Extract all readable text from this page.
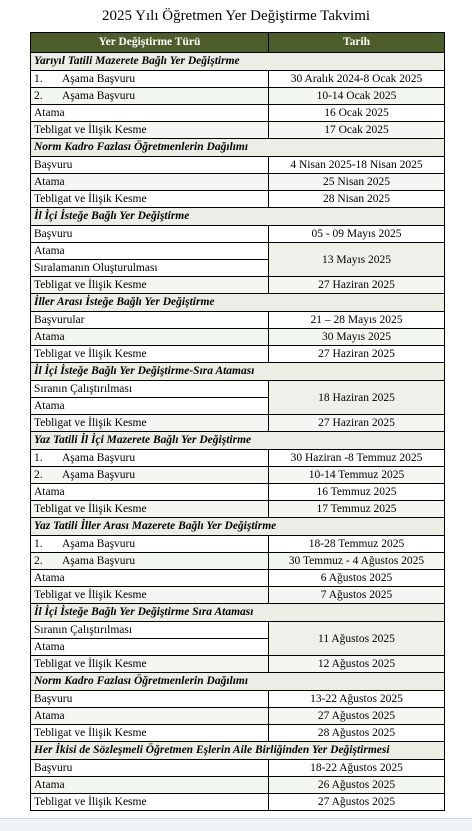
2025 Yılı Öğretmen Yer Değiştirme Takvimi
Yer Değiştirme Türü	Tarih
Yarıyıl Tatili Mazerete Bağlı Yer Değiştirme	
1. Aşama Başvuru	30 Aralık 2024-8 Ocak 2025
2. Aşama Başvuru	10-14 Ocak 2025
Atama	16 Ocak 2025
Tebligat ve İlişik Kesme	17 Ocak 2025
Norm Kadro Fazlası Öğretmenlerin Dağılımı	
Başvuru	4 Nisan 2025-18 Nisan 2025
Atama	25 Nisan 2025
Tebligat ve İlişik Kesme	28 Nisan 2025
İl İçi İsteğe Bağlı Yer Değiştirme	
Başvuru	05 - 09 Mayıs 2025
Atama	13 Mayıs 2025
Sıralamanın Oluşturulması	
Tebligat ve İlişik Kesme	27 Haziran 2025
İller Arası İsteğe Bağlı Yer Değiştirme	
Başvurular	21 – 28 Mayıs 2025
Atama	30 Mayıs 2025
Tebligat ve İlişik Kesme	27 Haziran 2025
İl İçi İsteğe Bağlı Yer Değiştirme-Sıra Ataması	
Sıranın Çalıştırılması	18 Haziran 2025
Atama	
Tebligat ve İlişik Kesme	27 Haziran 2025
Yaz Tatili İl İçi Mazerete Bağlı Yer Değiştirme	
1. Aşama Başvuru	30 Haziran -8 Temmuz 2025
2. Aşama Başvuru	10-14 Temmuz 2025
Atama	16 Temmuz 2025
Tebligat ve İlişik Kesme	17 Temmuz 2025
Yaz Tatili İller Arası Mazerete Bağlı Yer Değiştirme	
1. Aşama Başvuru	18-28 Temmuz 2025
2. Aşama Başvuru	30 Temmuz - 4 Ağustos 2025
Atama	6 Ağustos 2025
Tebligat ve İlişik Kesme	7 Ağustos 2025
İl İçi İsteğe Bağlı Yer Değiştirme Sıra Ataması	
Sıranın Çalıştırılması	11 Ağustos 2025
Atama	
Tebligat ve İlişik Kesme	12 Ağustos 2025
Norm Kadro Fazlası Öğretmenlerin Dağılımı	
Başvuru	13-22 Ağustos 2025
Atama	27 Ağustos 2025
Tebligat ve İlişik Kesme	28 Ağustos 2025
Her İkisi de Sözleşmeli Öğretmen Eşlerin Aile Birliğinden Yer Değiştirmesi	
Başvuru	18-22 Ağustos 2025
Atama	26 Ağustos 2025
Tebligat ve İlişik Kesme	27 Ağustos 2025
